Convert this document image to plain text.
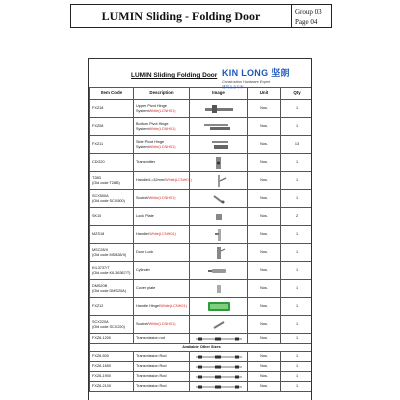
LUMIN Sliding - Folding Door	Group 03
Page 04
LUMIN Sliding Folding Door KIN LONG 坚朗
Construction Hardware Expert
建筑五金专家
Item Code	Description	Image	Unit	Qty

FXZ18	Upper Pivot Hinge SystemWhite(LCNH01)		Nos.	1

FXZ08	Bottom Pivot Hinge SystemWhite(LCNH01)		Nos.	1

FXZ11	Side Pivot Hinge SystemWhite(LCNH01)		Nos.	13

CDG20	Transmitter		Nos.	1

T28D
(Old code T28B)	Handle/L=32mm/White(LCNH01)		Nos.	1

SCX500A
(Old code SCX500)	Socket/White(LCNH01)		Nos.	1

SK10	Lock Plate		Nos.	2

MZS18	Handle/White(LCNH01)		Nos.	1

MSC28/II
(Old code MS828/II)	Door Lock		Nos.	1

KIL3737/T
(Old code KIL36367/T)	Cylinder		Nos.	1

DMS20B
(Old code DMS20A)	Cover plate		Nos.	1

FXZ12	Handle Hinge/White(LCNH01)		Nos.	1

SCX220A
(Old code SCX220)	Socket/White(LCNH01)		Nos.	1

FXZ6-1200	Transmission rod		Nos.	1
Available Other Sizes				
FXZ6-500	Transmission Rod		Nos.	1
FXZ6-1650	Transmission Rod		Nos.	1
FXZ6-1900	Transmission Rod		Nos.	1
FXZ6-2100	Transmission Rod		Nos.	1
